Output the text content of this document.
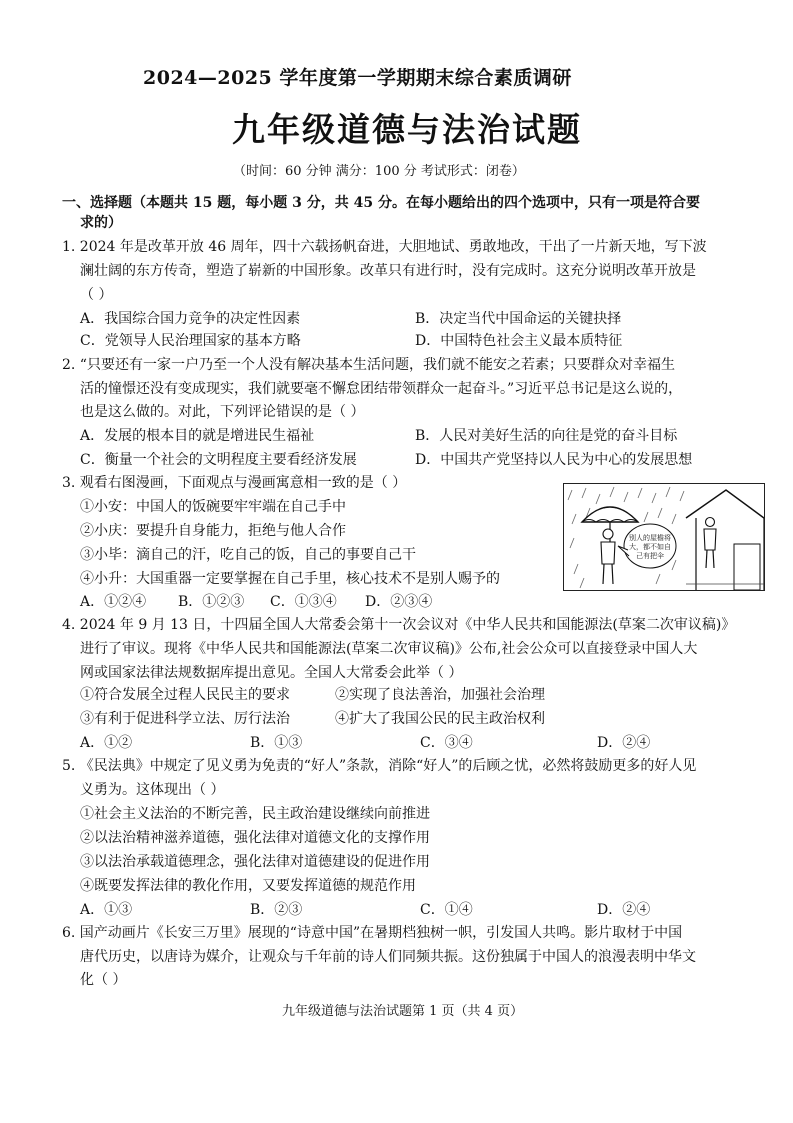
2024—2025 学年度第一学期期末综合素质调研
九年级道德与法治试题
（时间：60 分钟 满分：100 分 考试形式：闭卷）
一、选择题（本题共 15 题，每小题 3 分，共 45 分。在每小题给出的四个选项中，只有一项是符合要
求的）
1. 2024 年是改革开放 46 周年，四十六载扬帆奋进，大胆地试、勇敢地改，干出了一片新天地，写下波
澜壮阔的东方传奇，塑造了崭新的中国形象。改革只有进行时，没有完成时。这充分说明改革开放是
（ ）
A．我国综合国力竞争的决定性因素	B．决定当代中国命运的关键抉择
C．党领导人民治理国家的基本方略	D．中国特色社会主义最本质特征
2. “只要还有一家一户乃至一个人没有解决基本生活问题，我们就不能安之若素；只要群众对幸福生
活的憧憬还没有变成现实，我们就要毫不懈怠团结带领群众一起奋斗。”习近平总书记是这么说的，
也是这么做的。对此，下列评论错误的是（ ）
A．发展的根本目的就是增进民生福祉	B．人民对美好生活的向往是党的奋斗目标
C．衡量一个社会的文明程度主要看经济发展	D．中国共产党坚持以人民为中心的发展思想
3. 观看右图漫画，下面观点与漫画寓意相一致的是（ ）
①小安：中国人的饭碗要牢牢端在自己手中
②小庆：要提升自身能力，拒绝与他人合作
③小毕：滴自己的汗，吃自己的饭，自己的事要自己干
④小升：大国重器一定要掌握在自己手里，核心技术不是别人赐予的
A．①②④ B．①②③ C．①③④ D．②③④
别人的屋檐将
大，都不如自
己有把伞
4. 2024 年 9 月 13 日，十四届全国人大常委会第十一次会议对《中华人民共和国能源法(草案二次审议稿)》
进行了审议。现将《中华人民共和国能源法(草案二次审议稿)》公布,社会公众可以直接登录中国人大
网或国家法律法规数据库提出意见。全国人大常委会此举（ ）
①符合发展全过程人民民主的要求	②实现了良法善治，加强社会治理
③有利于促进科学立法、厉行法治	④扩大了我国公民的民主政治权利
A．①②	B．①③	C．③④	D．②④
5. 《民法典》中规定了见义勇为免责的“好人”条款，消除“好人”的后顾之忧，必然将鼓励更多的好人见
义勇为。这体现出（ ）
①社会主义法治的不断完善，民主政治建设继续向前推进
②以法治精神滋养道德，强化法律对道德文化的支撑作用
③以法治承载道德理念，强化法律对道德建设的促进作用
④既要发挥法律的教化作用，又要发挥道德的规范作用
A．①③	B．②③	C．①④	D．②④
6. 国产动画片《长安三万里》展现的“诗意中国”在暑期档独树一帜，引发国人共鸣。影片取材于中国
唐代历史，以唐诗为媒介，让观众与千年前的诗人们同频共振。这份独属于中国人的浪漫表明中华文
化（ ）
九年级道德与法治试题第 1 页（共 4 页）
